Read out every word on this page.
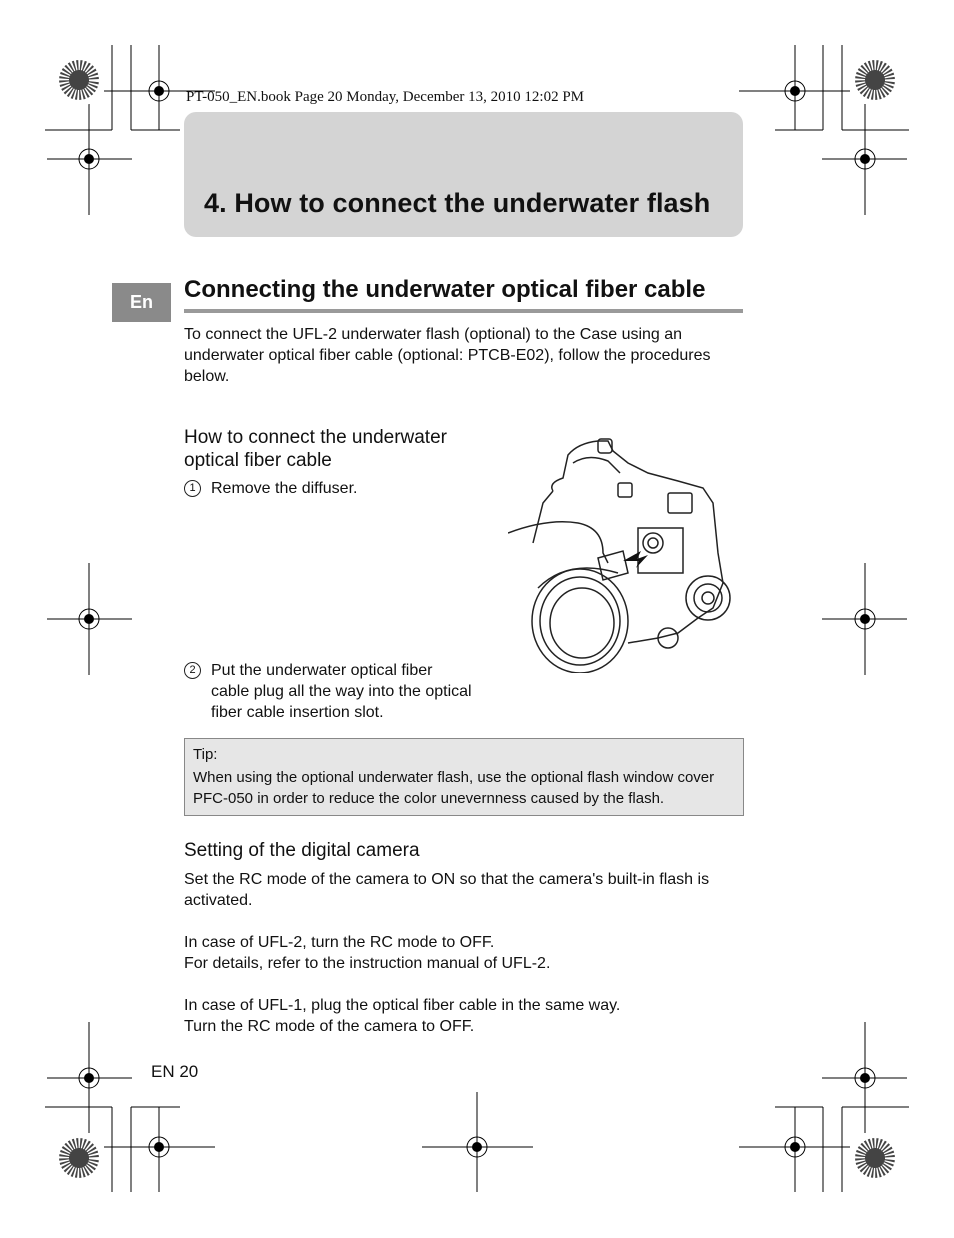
PT-050_EN.book Page 20 Monday, December 13, 2010 12:02 PM
4. How to connect the underwater flash
En	Connecting the underwater optical fiber cable
To connect the UFL-2 underwater flash (optional) to the Case using an underwater optical fiber cable (optional: PTCB-E02), follow the procedures below.
How to connect the underwater optical fiber cable
1 Remove the diffuser.
2 Put the underwater optical fiber cable plug all the way into the optical fiber cable insertion slot.
Tip:
When using the optional underwater flash, use the optional flash window cover PFC-050 in order to reduce the color unevernness caused by the flash.
Setting of the digital camera
Set the RC mode of the camera to ON so that the camera's built-in flash is activated.
In case of UFL-2, turn the RC mode to OFF.
For details, refer to the instruction manual of UFL-2.
In case of UFL-1, plug the optical fiber cable in the same way.
Turn the RC mode of the camera to OFF.
EN 20
